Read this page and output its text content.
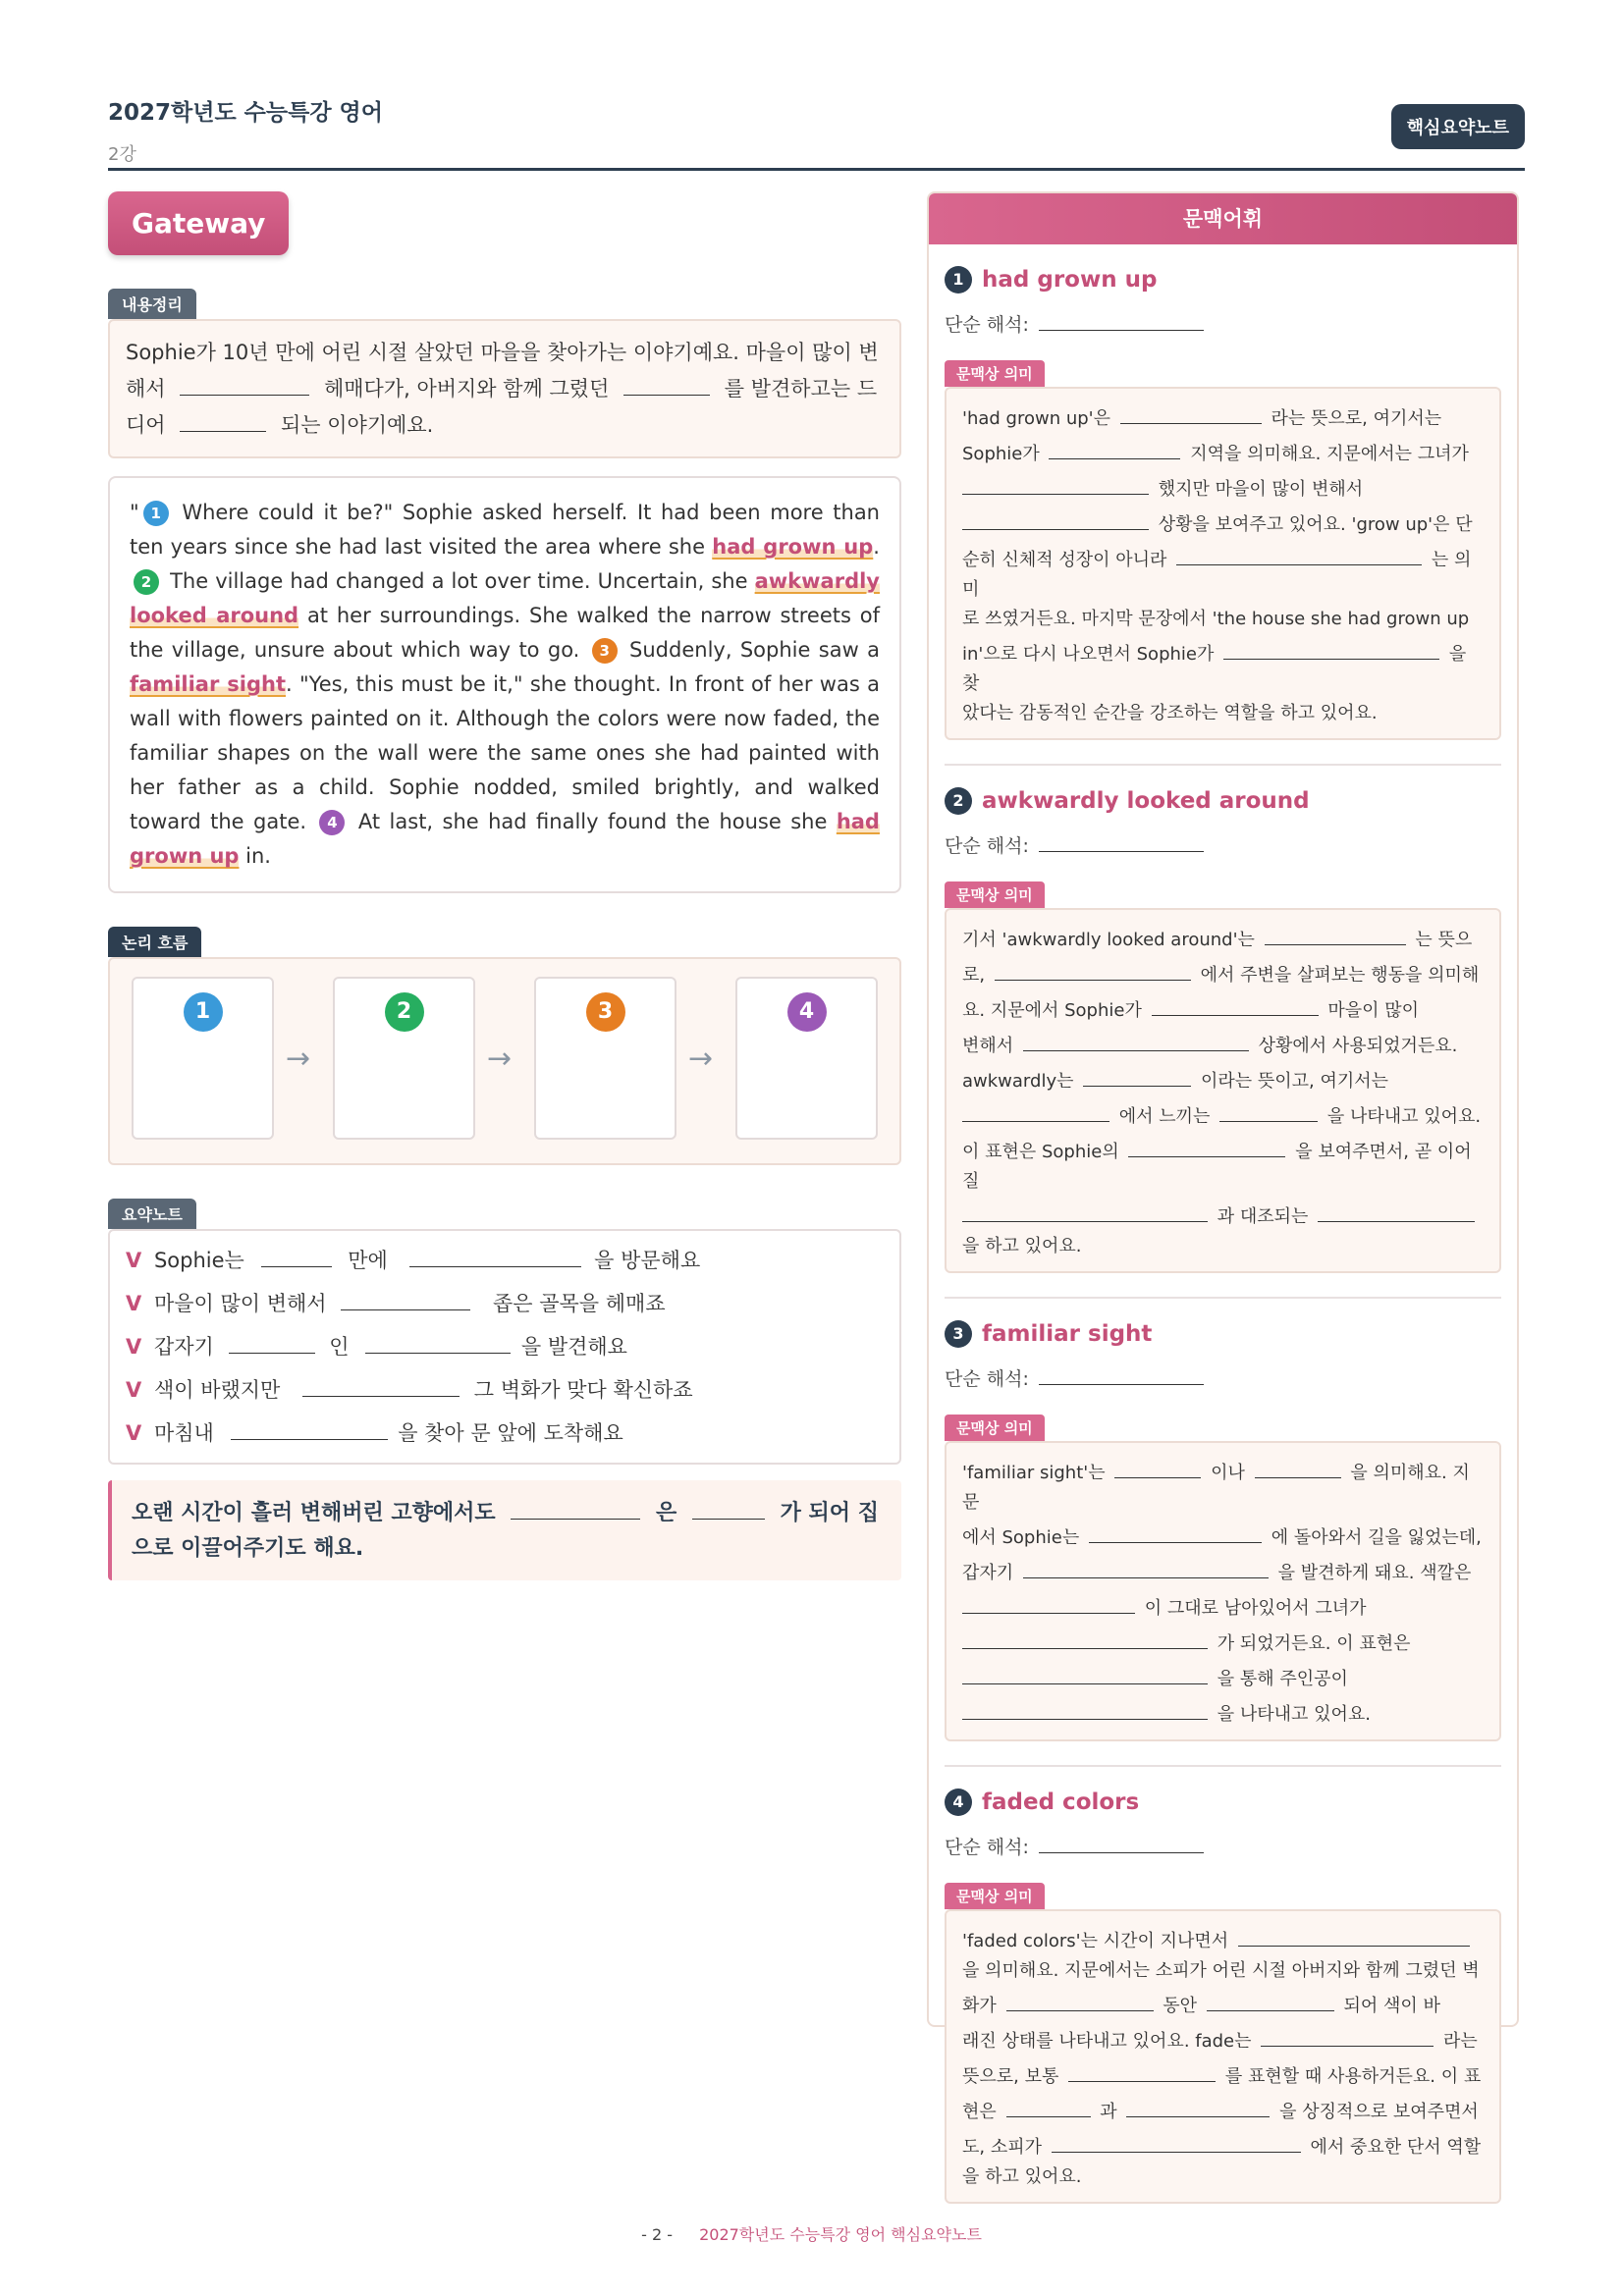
2027학년도 수능특강 영어
2강
핵심요약노트
Gateway
내용정리
Sophie가 10년 만에 어린 시절 살았던 마을을 찾아가는 이야기예요. 마을이 많이 변해서	헤매다가, 아버지와 함께 그렸던	를 발견하고는 드디어	되는 이야기예요.
" 1 Where could it be?" Sophie asked herself. It had been more than ten years since she had last visited the area where she had grown up. 2 The village had changed a lot over time. Uncertain, she awkwardly looked around at her surroundings. She walked the narrow streets of the village, unsure about which way to go. 3 Suddenly, Sophie saw a familiar sight. "Yes, this must be it," she thought. In front of her was a wall with flowers painted on it. Although the colors were now faded, the familiar shapes on the wall were the same ones she had painted with her father as a child. Sophie nodded, smiled brightly, and walked toward the gate. 4 At last, she had finally found the house she had grown up in.
논리 흐름
1
→
2
→
3
→
4
요약노트
V Sophie는	만에	을 방문해요
V 마을이 많이 변해서	좁은 골목을 헤매죠
V 갑자기	인	을 발견해요
V 색이 바랬지만	그 벽화가 맞다 확신하죠
V 마침내	을 찾아 문 앞에 도착해요
오랜 시간이 흘러 변해버린 고향에서도	은	가 되어 집으로 이끌어주기도 해요.
문맥어휘
1 had grown up
단순 해석:
문맥상 의미
'had grown up'은	라는 뜻으로, 여기서는
Sophie가	지역을 의미해요. 지문에서는 그녀가
했지만 마을이 많이 변해서
상황을 보여주고 있어요. 'grow up'은 단
순히 신체적 성장이 아니라	는 의미
로 쓰였거든요. 마지막 문장에서 'the house she had grown up
in'으로 다시 나오면서 Sophie가	을 찾
았다는 감동적인 순간을 강조하는 역할을 하고 있어요.
2 awkwardly looked around
단순 해석:
문맥상 의미
기서 'awkwardly looked around'는	는 뜻으
로,	에서 주변을 살펴보는 행동을 의미해
요. 지문에서 Sophie가	마을이 많이
변해서	상황에서 사용되었거든요.
awkwardly는	이라는 뜻이고, 여기서는
에서 느끼는	을 나타내고 있어요.
이 표현은 Sophie의	을 보여주면서, 곧 이어질
과 대조되는
을 하고 있어요.
3 familiar sight
단순 해석:
문맥상 의미
'familiar sight'는	이나	을 의미해요. 지문
에서 Sophie는	에 돌아와서 길을 잃었는데,
갑자기	을 발견하게 돼요. 색깔은
이 그대로 남아있어서 그녀가
가 되었거든요. 이 표현은
을 통해 주인공이
을 나타내고 있어요.
4 faded colors
단순 해석:
문맥상 의미
'faded colors'는 시간이 지나면서
을 의미해요. 지문에서는 소피가 어린 시절 아버지와 함께 그렸던 벽
화가	동안	되어 색이 바
래진 상태를 나타내고 있어요. fade는	라는
뜻으로, 보통	를 표현할 때 사용하거든요. 이 표
현은	과	을 상징적으로 보여주면서
도, 소피가	에서 중요한 단서 역할
을 하고 있어요.
- 2 - 2027학년도 수능특강 영어 핵심요약노트
